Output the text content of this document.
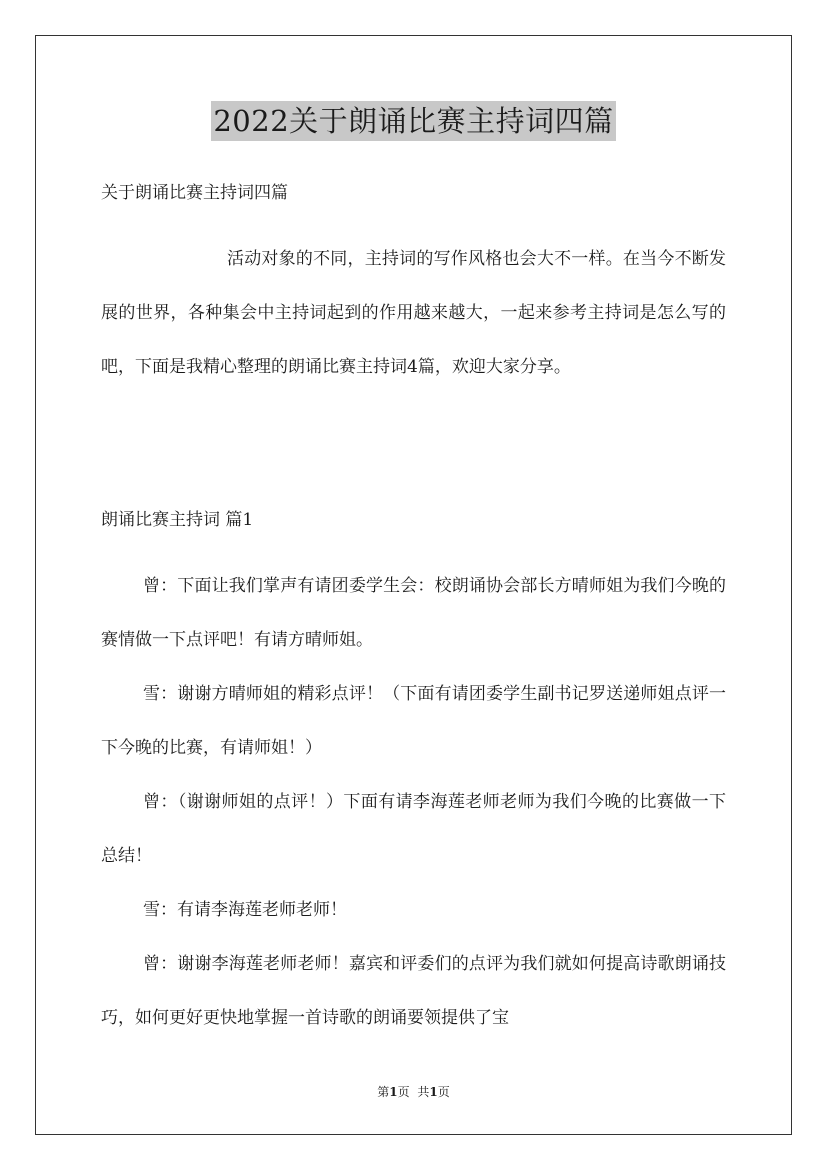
2022关于朗诵比赛主持词四篇
关于朗诵比赛主持词四篇

活动对象的不同，主持词的写作风格也会大不一样。在当今不断发展的世界，各种集会中主持词起到的作用越来越大，一起来参考主持词是怎么写的吧，下面是我精心整理的朗诵比赛主持词4篇，欢迎大家分享。

朗诵比赛主持词 篇1

曾：下面让我们掌声有请团委学生会：校朗诵协会部长方晴师姐为我们今晚的赛情做一下点评吧！有请方晴师姐。

雪：谢谢方晴师姐的精彩点评！（下面有请团委学生副书记罗送递师姐点评一下今晚的比赛，有请师姐！）

曾：（谢谢师姐的点评！）下面有请李海莲老师老师为我们今晚的比赛做一下总结！

雪：有请李海莲老师老师！

曾：谢谢李海莲老师老师！嘉宾和评委们的点评为我们就如何提高诗歌朗诵技巧，如何更好更快地掌握一首诗歌的朗诵要领提供了宝

第1页 共1页
